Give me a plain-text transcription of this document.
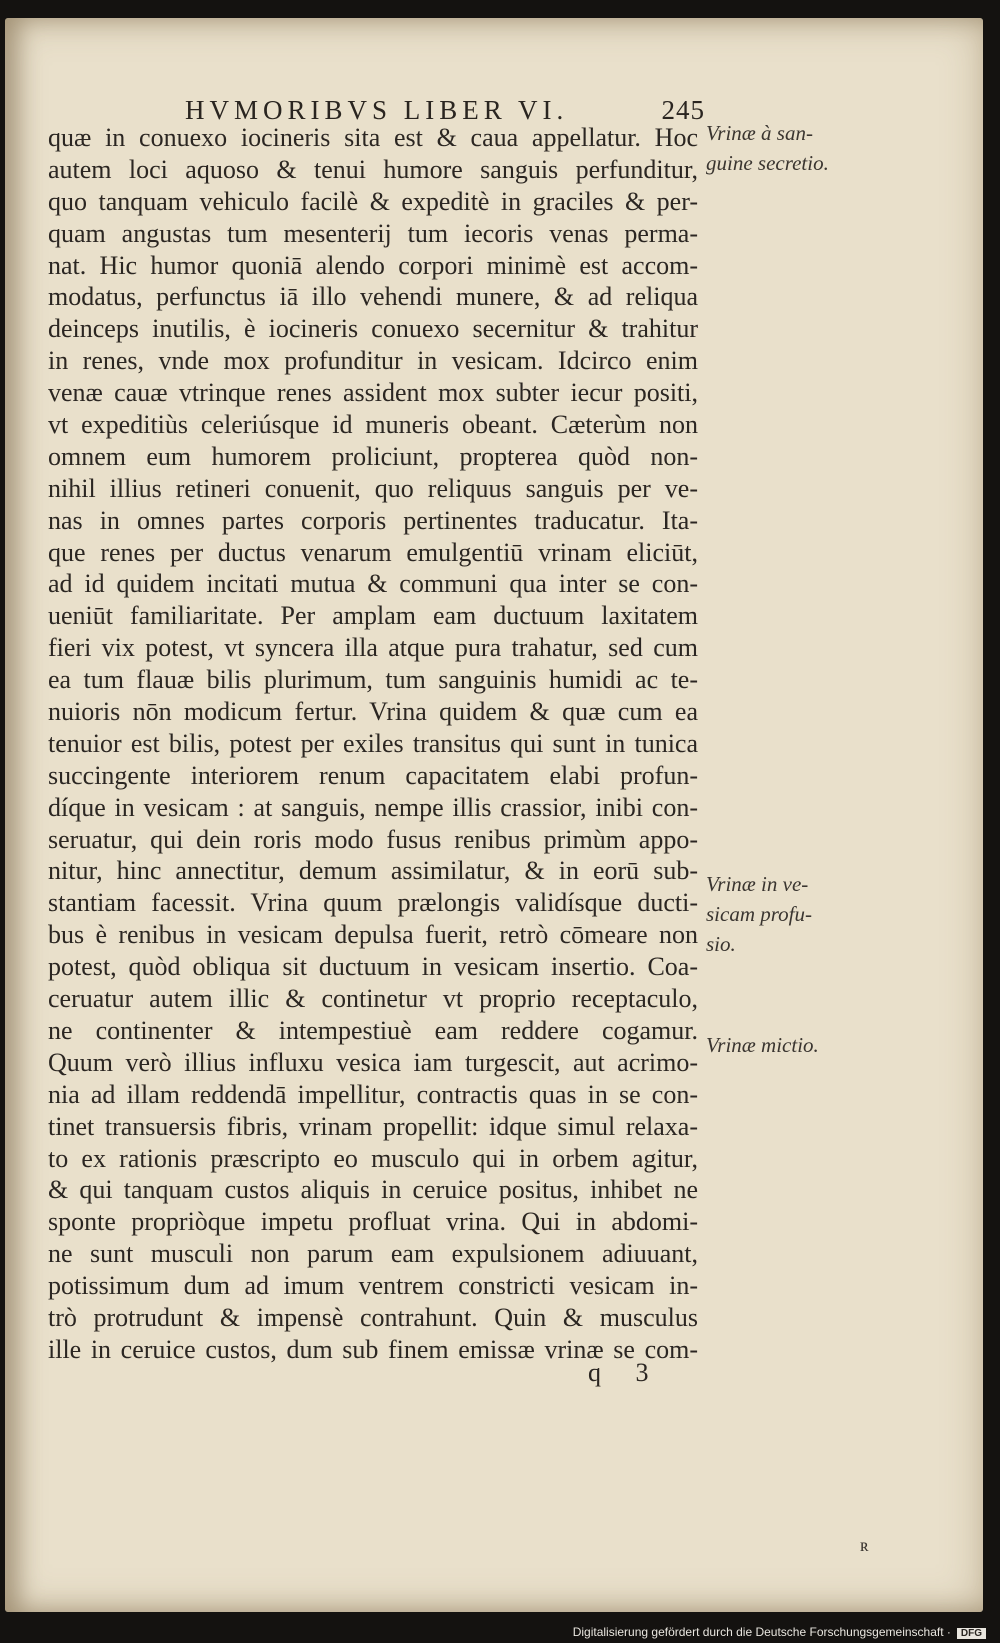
HVMORIBVS LIBER VI.	245
quæ in conuexo iocineris sita est & caua appellatur. Hoc
autem loci aquoso & tenui humore sanguis perfunditur,
quo tanquam vehiculo facilè & expeditè in graciles & per-
quam angustas tum mesenterij tum iecoris venas perma-
nat. Hic humor quoniā alendo corpori minimè est accom-
modatus, perfunctus iā illo vehendi munere, & ad reliqua
deinceps inutilis, è iocineris conuexo secernitur & trahitur
in renes, vnde mox profunditur in vesicam. Idcirco enim
venæ cauæ vtrinque renes assident mox subter iecur positi,
vt expeditiùs celeriúsque id muneris obeant. Cæterùm non
omnem eum humorem proliciunt, propterea quòd non-
nihil illius retineri conuenit, quo reliquus sanguis per ve-
nas in omnes partes corporis pertinentes traducatur. Ita-
que renes per ductus venarum emulgentiū vrinam eliciūt,
ad id quidem incitati mutua & communi qua inter se con-
ueniūt familiaritate. Per amplam eam ductuum laxitatem
fieri vix potest, vt syncera illa atque pura trahatur, sed cum
ea tum flauæ bilis plurimum, tum sanguinis humidi ac te-
nuioris nōn modicum fertur. Vrina quidem & quæ cum ea
tenuior est bilis, potest per exiles transitus qui sunt in tunica
succingente interiorem renum capacitatem elabi profun-
díque in vesicam : at sanguis, nempe illis crassior, inibi con-
seruatur, qui dein roris modo fusus renibus primùm appo-
nitur, hinc annectitur, demum assimilatur, & in eorū sub-
stantiam facessit. Vrina quum prælongis validísque ducti-
bus è renibus in vesicam depulsa fuerit, retrò cōmeare non
potest, quòd obliqua sit ductuum in vesicam insertio. Coa-
ceruatur autem illic & continetur vt proprio receptaculo,
ne continenter & intempestiuè eam reddere cogamur.
Quum verò illius influxu vesica iam turgescit, aut acrimo-
nia ad illam reddendā impellitur, contractis quas in se con-
tinet transuersis fibris, vrinam propellit: idque simul relaxa-
to ex rationis præscripto eo musculo qui in orbem agitur,
& qui tanquam custos aliquis in ceruice positus, inhibet ne
sponte propriòque impetu profluat vrina. Qui in abdomi-
ne sunt musculi non parum eam expulsionem adiuuant,
potissimum dum ad imum ventrem constricti vesicam in-
trò protrudunt & impensè contrahunt. Quin & musculus
ille in ceruice custos, dum sub finem emissæ vrinæ se com-
Vrinæ à san-
guine secretio.
Vrinæ in ve-
sicam profu-
sio.
Vrinæ mictio.
q 3
ʀ
Digitalisierung gefördert durch die Deutsche Forschungsgemeinschaft · DFG
